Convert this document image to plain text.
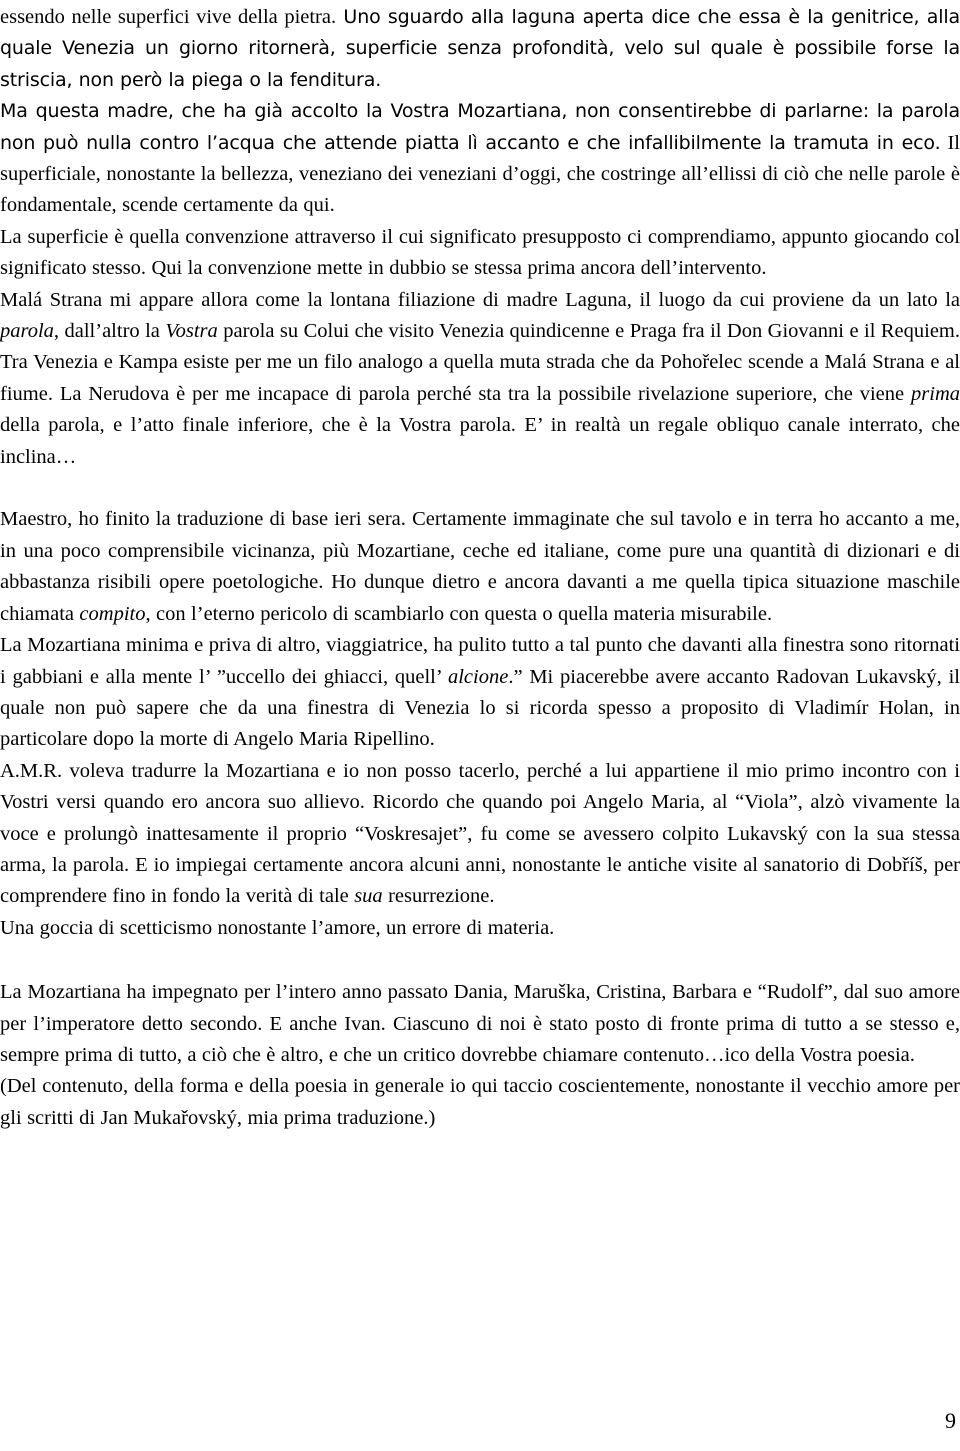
essendo nelle superfici vive della pietra. Uno sguardo alla laguna aperta dice che essa è la genitrice, alla quale Venezia un giorno ritornerà, superficie senza profondità, velo sul quale è possibile forse la striscia, non però la piega o la fenditura.

Ma questa madre, che ha già accolto la Vostra Mozartiana, non consentirebbe di parlarne: la parola non può nulla contro l’acqua che attende piatta lì accanto e che infallibilmente la tramuta in eco. Il superficiale, nonostante la bellezza, veneziano dei veneziani d’oggi, che costringe all’ellissi di ciò che nelle parole è fondamentale, scende certamente da qui.

La superficie è quella convenzione attraverso il cui significato presupposto ci comprendiamo, appunto giocando col significato stesso. Qui la convenzione mette in dubbio se stessa prima ancora dell’intervento.

Malá Strana mi appare allora come la lontana filiazione di madre Laguna, il luogo da cui proviene da un lato la parola, dall’altro la Vostra parola su Colui che visito Venezia quindicenne e Praga fra il Don Giovanni e il Requiem. Tra Venezia e Kampa esiste per me un filo analogo a quella muta strada che da Pohořelec scende a Malá Strana e al fiume. La Nerudova è per me incapace di parola perché sta tra la possibile rivelazione superiore, che viene prima della parola, e l’atto finale inferiore, che è la Vostra parola. E’ in realtà un regale obliquo canale interrato, che inclina…

Maestro, ho finito la traduzione di base ieri sera. Certamente immaginate che sul tavolo e in terra ho accanto a me, in una poco comprensibile vicinanza, più Mozartiane, ceche ed italiane, come pure una quantità di dizionari e di abbastanza risibili opere poetologiche. Ho dunque dietro e ancora davanti a me quella tipica situazione maschile chiamata compito, con l’eterno pericolo di scambiarlo con questa o quella materia misurabile.

La Mozartiana minima e priva di altro, viaggiatrice, ha pulito tutto a tal punto che davanti alla finestra sono ritornati i gabbiani e alla mente l’ ”uccello dei ghiacci, quell’ alcione.” Mi piacerebbe avere accanto Radovan Lukavský, il quale non può sapere che da una finestra di Venezia lo si ricorda spesso a proposito di Vladimír Holan, in particolare dopo la morte di Angelo Maria Ripellino.

A.M.R. voleva tradurre la Mozartiana e io non posso tacerlo, perché a lui appartiene il mio primo incontro con i Vostri versi quando ero ancora suo allievo. Ricordo che quando poi Angelo Maria, al “Viola”, alzò vivamente la voce e prolungò inattesamente il proprio “Voskresajet”, fu come se avessero colpito Lukavský con la sua stessa arma, la parola. E io impiegai certamente ancora alcuni anni, nonostante le antiche visite al sanatorio di Dobříš, per comprendere fino in fondo la verità di tale sua resurrezione.

Una goccia di scetticismo nonostante l’amore, un errore di materia.

La Mozartiana ha impegnato per l’intero anno passato Dania, Maruška, Cristina, Barbara e “Rudolf”, dal suo amore per l’imperatore detto secondo. E anche Ivan. Ciascuno di noi è stato posto di fronte prima di tutto a se stesso e, sempre prima di tutto, a ciò che è altro, e che un critico dovrebbe chiamare contenuto…ico della Vostra poesia.

(Del contenuto, della forma e della poesia in generale io qui taccio coscientemente, nonostante il vecchio amore per gli scritti di Jan Mukařovský, mia prima traduzione.)

9
